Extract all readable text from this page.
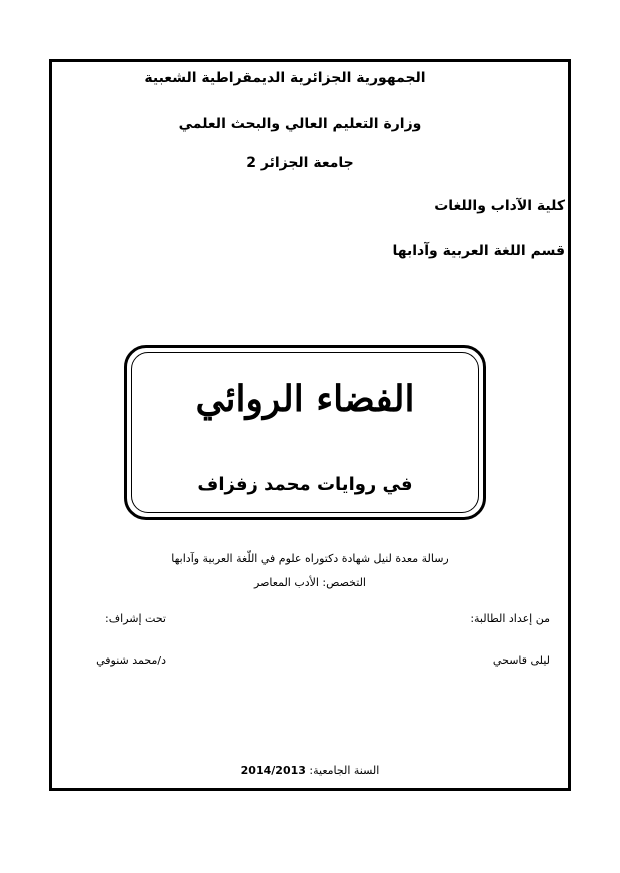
الجمهورية الجزائرية الديمقراطية الشعبية
وزارة التعليم العالي والبحث العلمي
جامعة الجزائر 2
كلية الآداب واللغات
قسم اللغة العربية وآدابها
الفضاء الروائي
في روايات محمد زفزاف
رسالة معدة لنيل شهادة دكتوراه علوم في اللّغة العربية وآدابها
التخصص: الأدب المعاصر
من إعداد الطالبة:
تحت إشراف:
ليلى قاسحي
د/محمد شنوفي
السنة الجامعية: 2014/2013
